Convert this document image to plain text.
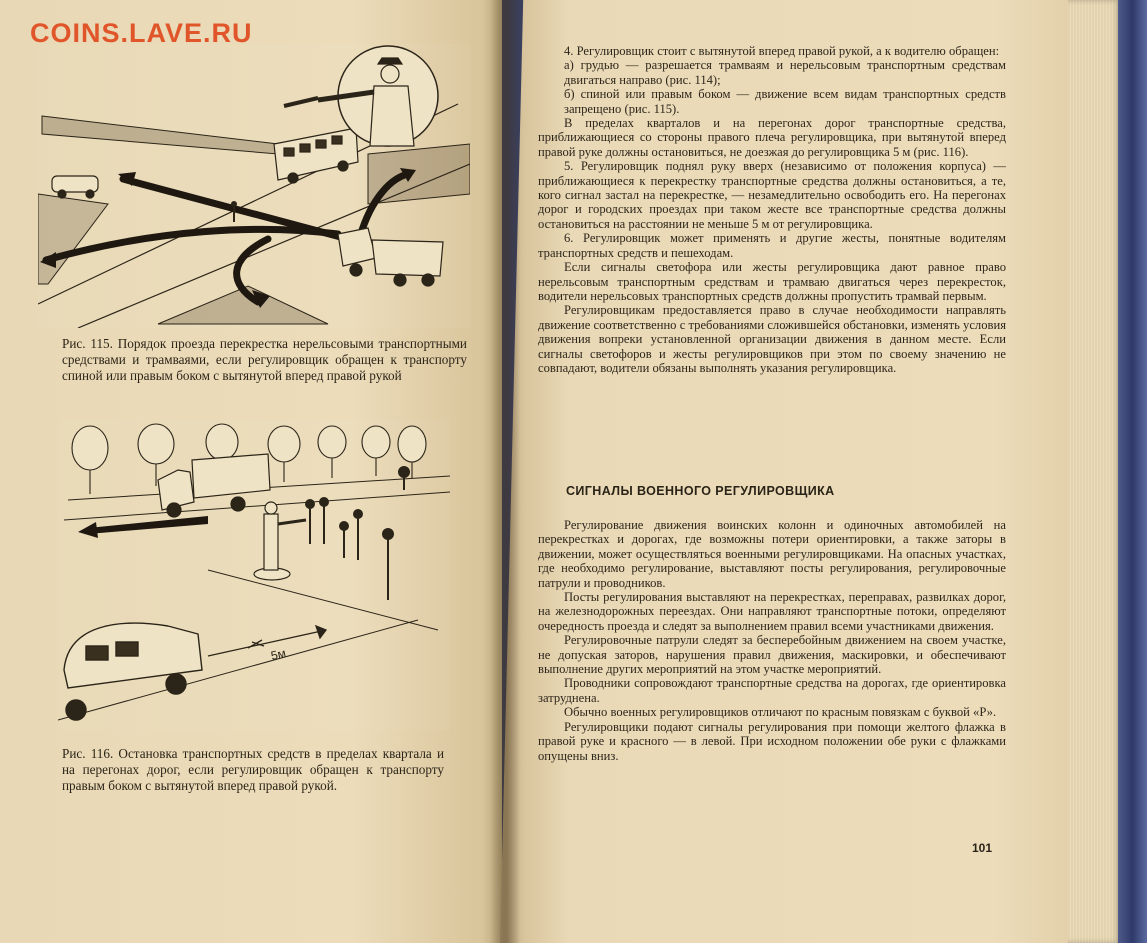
COINS.LAVE.RU
Рис. 115. Порядок проезда перекрестка нерельсовыми транспортными средствами и трамваями, если регулировщик обращен к транспорту спиной или правым боком с вытянутой вперед правой рукой
5м
Рис. 116. Остановка транспортных средств в пределах квартала и на перегонах дорог, если регулировщик обращен к транспорту правым боком с вытянутой вперед правой рукой.

4. Регулировщик стоит с вытянутой вперед правой рукой, а к водителю обращен:

а) грудью — разрешается трамваям и нерельсовым транспортным средствам двигаться направо (рис. 114);

б) спиной или правым боком — движение всем видам транспортных средств запрещено (рис. 115).

В пределах кварталов и на перегонах дорог транспортные средства, приближающиеся со стороны правого плеча регулировщика, при вытянутой вперед правой руке должны остановиться, не доезжая до регулировщика 5 м (рис. 116).

5. Регулировщик поднял руку вверх (независимо от положения корпуса) — приближающиеся к перекрестку транспортные средства должны остановиться, а те, кого сигнал застал на перекрестке, — незамедлительно освободить его. На перегонах дорог и городских проездах при таком жесте все транспортные средства должны остановиться на расстоянии не меньше 5 м от регулировщика.

6. Регулировщик может применять и другие жесты, понятные водителям транспортных средств и пешеходам.

Если сигналы светофора или жесты регулировщика дают равное право нерельсовым транспортным средствам и трамваю двигаться через перекресток, водители нерельсовых транспортных средств должны пропустить трамвай первым.

Регулировщикам предоставляется право в случае необходимости направлять движение соответственно с требованиями сложившейся обстановки, изменять условия движения вопреки установленной организации движения в данном месте. Если сигналы светофоров и жесты регулировщиков при этом по своему значению не совпадают, водители обязаны выполнять указания регулировщика.

СИГНАЛЫ ВОЕННОГО РЕГУЛИРОВЩИКА

Регулирование движения воинских колонн и одиночных автомобилей на перекрестках и дорогах, где возможны потери ориентировки, а также заторы в движении, может осуществляться военными регулировщиками. На опасных участках, где необходимо регулирование, выставляют посты регулирования, регулировочные патрули и проводников.

Посты регулирования выставляют на перекрестках, переправах, развилках дорог, на железнодорожных переездах. Они направляют транспортные потоки, определяют очередность проезда и следят за выполнением правил всеми участниками движения.

Регулировочные патрули следят за бесперебойным движением на своем участке, не допуская заторов, нарушения правил движения, маскировки, и обеспечивают выполнение других мероприятий на этом участке мероприятий.

Проводники сопровождают транспортные средства на дорогах, где ориентировка затруднена.

Обычно военных регулировщиков отличают по красным повязкам с буквой «Р».

Регулировщики подают сигналы регулирования при помощи желтого флажка в правой руке и красного — в левой. При исходном положении обе руки с флажками опущены вниз.

101
